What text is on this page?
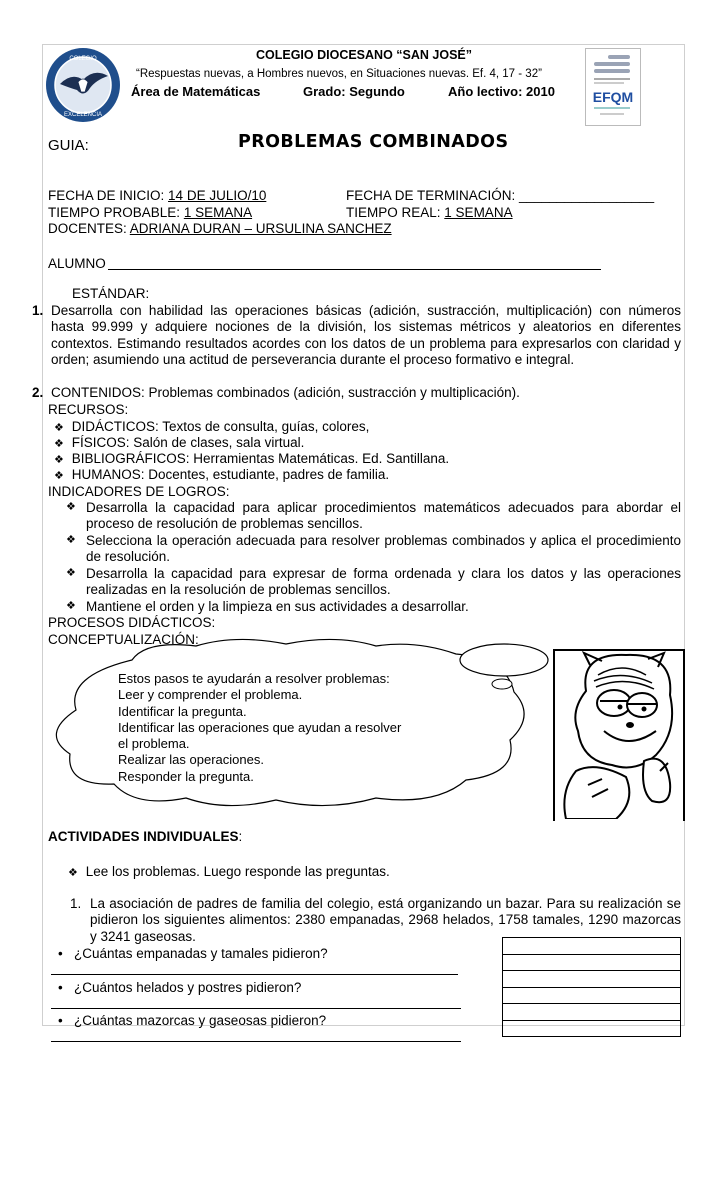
COLEGIO
EXCELENCIA
COLEGIO DIOCESANO “SAN JOSÉ”
“Respuestas nuevas, a Hombres nuevos, en Situaciones nuevas. Ef. 4, 17 - 32”
Área de Matemáticas	Grado: Segundo	Año lectivo: 2010	EFQM
GUIA:	PROBLEMAS COMBINADOS
FECHA DE INICIO: 14 DE JULIO/10	FECHA DE TERMINACIÓN: __________________
TIEMPO PROBABLE: 1 SEMANA	TIEMPO REAL: 1 SEMANA
DOCENTES: ADRIANA DURAN – URSULINA SANCHEZ
ALUMNO
ESTÁNDAR:
1. Desarrolla con habilidad las operaciones básicas (adición, sustracción, multiplicación) con números hasta 99.999 y adquiere nociones de la división, los sistemas métricos y aleatorios en diferentes contextos. Estimando resultados acordes con los datos de un problema para expresarlos con claridad y orden; asumiendo una actitud de perseverancia durante el proceso formativo e integral.
2. CONTENIDOS: Problemas combinados (adición, sustracción y multiplicación).
RECURSOS:
❖ DIDÁCTICOS: Textos de consulta, guías, colores,
❖ FÍSICOS: Salón de clases, sala virtual.
❖ BIBLIOGRÁFICOS: Herramientas Matemáticas. Ed. Santillana.
❖ HUMANOS: Docentes, estudiante, padres de familia.
INDICADORES DE LOGROS:
❖ Desarrolla la capacidad para aplicar procedimientos matemáticos adecuados para abordar el proceso de resolución de problemas sencillos.
❖ Selecciona la operación adecuada para resolver problemas combinados y aplica el procedimiento de resolución.
❖ Desarrolla la capacidad para expresar de forma ordenada y clara los datos y las operaciones realizadas en la resolución de problemas sencillos.
❖ Mantiene el orden y la limpieza en sus actividades a desarrollar.
PROCESOS DIDÁCTICOS:
CONCEPTUALIZACIÓN:
Estos pasos te ayudarán a resolver problemas:
Leer y comprender el problema.
Identificar la pregunta.
Identificar las operaciones que ayudan a resolver
el problema.
Realizar las operaciones.
Responder la pregunta.
ACTIVIDADES INDIVIDUALES:
❖ Lee los problemas. Luego responde las preguntas.
1. La asociación de padres de familia del colegio, está organizando un bazar. Para su realización se pidieron los siguientes alimentos: 2380 empanadas, 2968 helados, 1758 tamales, 1290 mazorcas y 3241 gaseosas.
• ¿Cuántas empanadas y tamales pidieron?
• ¿Cuántos helados y postres pidieron?
• ¿Cuántas mazorcas y gaseosas pidieron?
